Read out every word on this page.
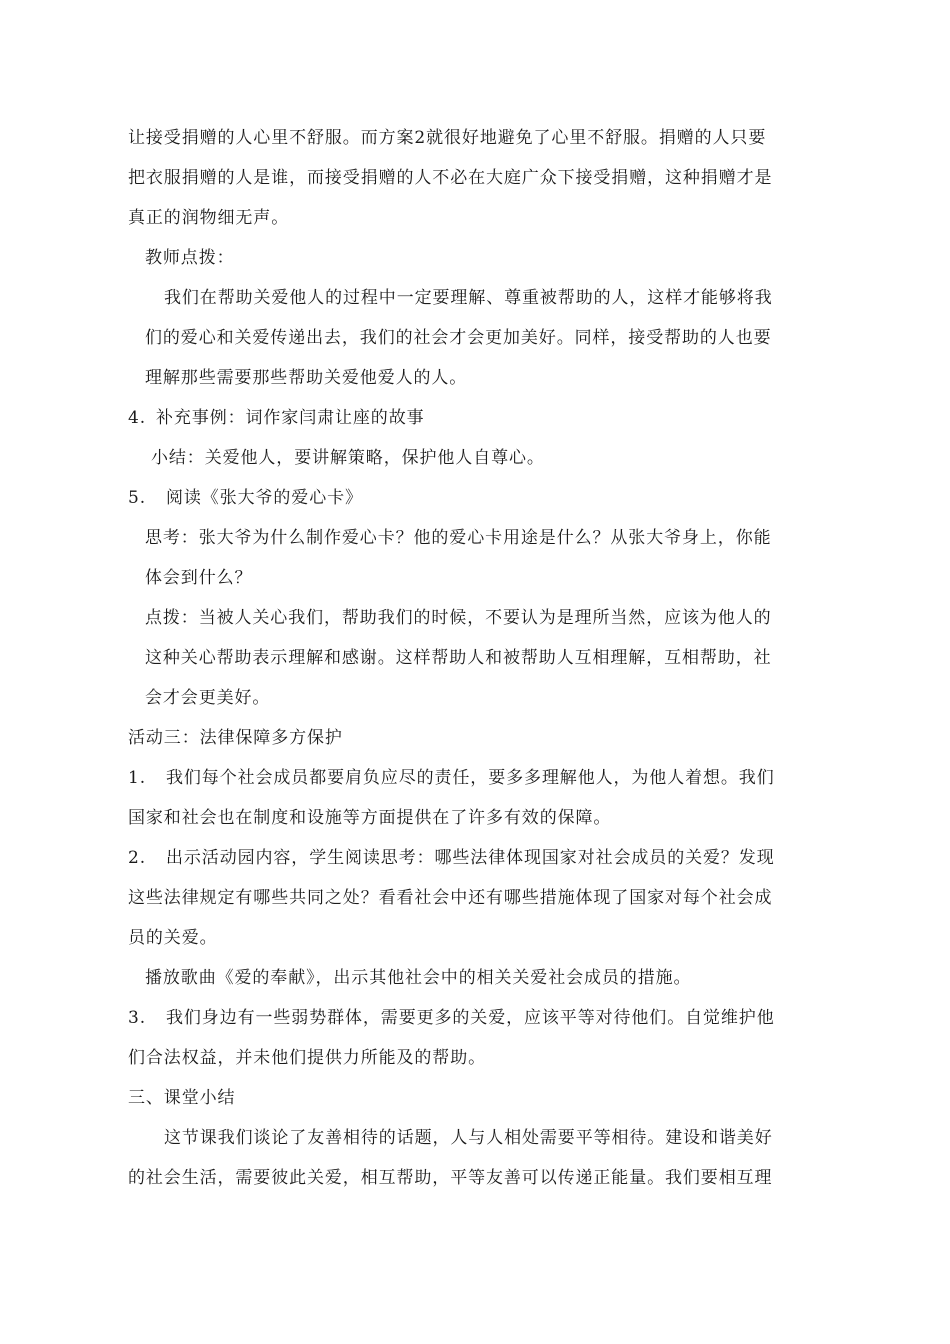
让接受捐赠的人心里不舒服。而方案2就很好地避免了心里不舒服。捐赠的人只要
把衣服捐赠的人是谁，而接受捐赠的人不必在大庭广众下接受捐赠，这种捐赠才是
真正的润物细无声。
教师点拨：
我们在帮助关爱他人的过程中一定要理解、尊重被帮助的人，这样才能够将我
们的爱心和关爱传递出去，我们的社会才会更加美好。同样，接受帮助的人也要
理解那些需要那些帮助关爱他爱人的人。
4. 补充事例：词作家闫肃让座的故事
小结：关爱他人，要讲解策略，保护他人自尊心。
5. 阅读《张大爷的爱心卡》
思考：张大爷为什么制作爱心卡？他的爱心卡用途是什么？从张大爷身上，你能
体会到什么？
点拨：当被人关心我们，帮助我们的时候，不要认为是理所当然，应该为他人的
这种关心帮助表示理解和感谢。这样帮助人和被帮助人互相理解，互相帮助，社
会才会更美好。
活动三：法律保障多方保护
1. 我们每个社会成员都要肩负应尽的责任，要多多理解他人，为他人着想。我们
国家和社会也在制度和设施等方面提供在了许多有效的保障。
2. 出示活动园内容，学生阅读思考：哪些法律体现国家对社会成员的关爱？发现
这些法律规定有哪些共同之处？看看社会中还有哪些措施体现了国家对每个社会成
员的关爱。
播放歌曲《爱的奉献》，出示其他社会中的相关关爱社会成员的措施。
3. 我们身边有一些弱势群体，需要更多的关爱，应该平等对待他们。自觉维护他
们合法权益，并未他们提供力所能及的帮助。
三、课堂小结
这节课我们谈论了友善相待的话题，人与人相处需要平等相待。建设和谐美好
的社会生活，需要彼此关爱，相互帮助，平等友善可以传递正能量。我们要相互理
